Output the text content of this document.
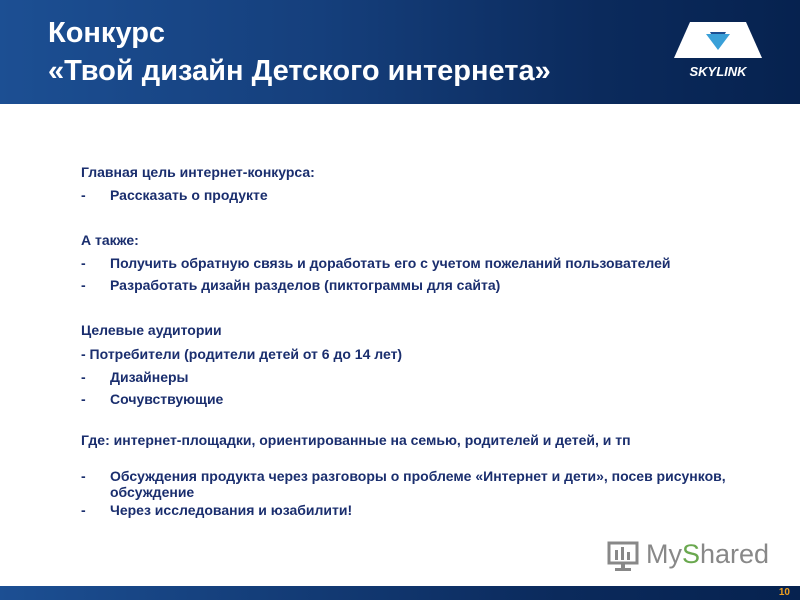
Конкурс
«Твой дизайн Детского интернета»	SKYLINK
Главная цель интернет-конкурса:
- Рассказать о продукте
А также:
- Получить обратную связь и доработать его с учетом пожеланий пользователей
- Разработать дизайн разделов (пиктограммы для сайта)
Целевые аудитории
- Потребители (родители детей от 6 до 14 лет)
- Дизайнеры
- Сочувствующие
Где: интернет-площадки, ориентированные на семью, родителей и детей, и тп
- Обсуждения продукта через разговоры о проблеме «Интернет и дети», посев рисунков, обсуждение
- Через исследования и юзабилити!
MyShared
10
